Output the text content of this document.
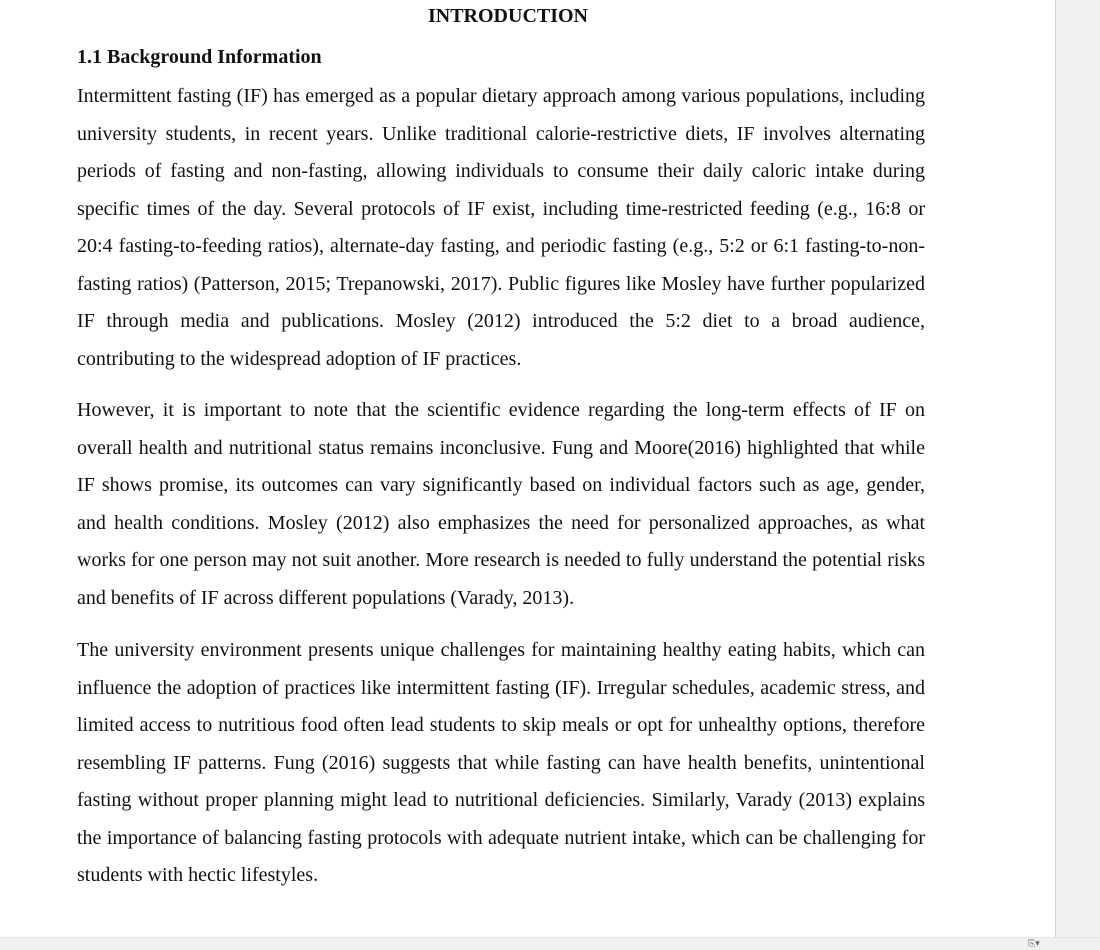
INTRODUCTION
1.1 Background Information

Intermittent fasting (IF) has emerged as a popular dietary approach among various populations, including university students, in recent years. Unlike traditional calorie-restrictive diets, IF involves alternating periods of fasting and non-fasting, allowing individuals to consume their daily caloric intake during specific times of the day. Several protocols of IF exist, including time-restricted feeding (e.g., 16:8 or 20:4 fasting-to-feeding ratios), alternate-day fasting, and periodic fasting (e.g., 5:2 or 6:1 fasting-to-non-fasting ratios) (Patterson, 2015; Trepanowski, 2017). Public figures like Mosley have further popularized IF through media and publications. Mosley (2012) introduced the 5:2 diet to a broad audience, contributing to the widespread adoption of IF practices.

However, it is important to note that the scientific evidence regarding the long-term effects of IF on overall health and nutritional status remains inconclusive. Fung and Moore(2016) highlighted that while IF shows promise, its outcomes can vary significantly based on individual factors such as age, gender, and health conditions. Mosley (2012) also emphasizes the need for personalized approaches, as what works for one person may not suit another. More research is needed to fully understand the potential risks and benefits of IF across different populations (Varady, 2013).

The university environment presents unique challenges for maintaining healthy eating habits, which can influence the adoption of practices like intermittent fasting (IF). Irregular schedules, academic stress, and limited access to nutritious food often lead students to skip meals or opt for unhealthy options, therefore resembling IF patterns. Fung (2016) suggests that while fasting can have health benefits, unintentional fasting without proper planning might lead to nutritional deficiencies. Similarly, Varady (2013) explains the importance of balancing fasting protocols with adequate nutrient intake, which can be challenging for students with hectic lifestyles.

⎘▾
